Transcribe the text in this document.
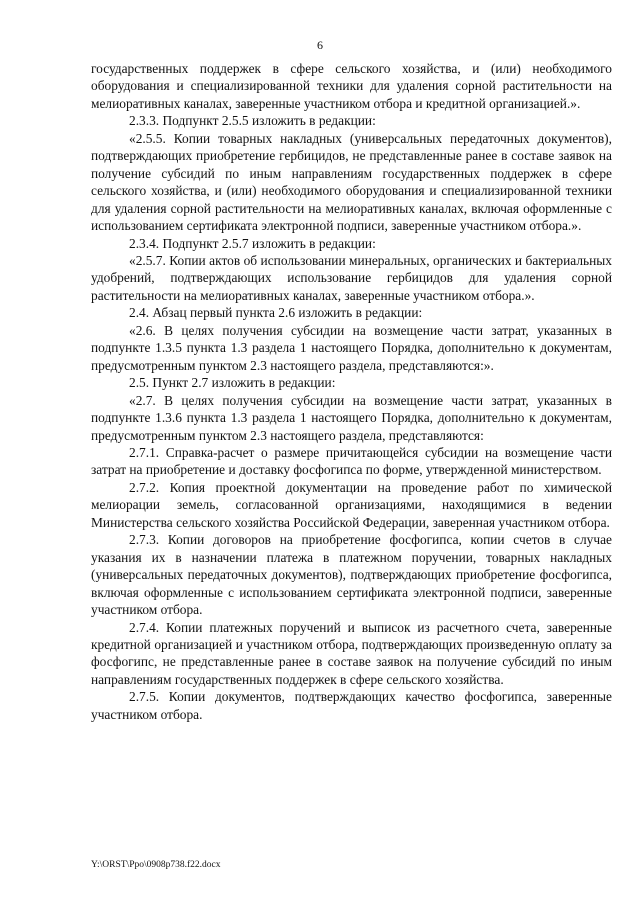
6

государственных поддержек в сфере сельского хозяйства, и (или) необходимого оборудования и специализированной техники для удаления сорной растительности на мелиоративных каналах, заверенные участником отбора и кредитной организацией.».

2.3.3. Подпункт 2.5.5 изложить в редакции:

«2.5.5. Копии товарных накладных (универсальных передаточных документов), подтверждающих приобретение гербицидов, не представленные ранее в составе заявок на получение субсидий по иным направлениям государственных поддержек в сфере сельского хозяйства, и (или) необходимого оборудования и специализированной техники для удаления сорной растительности на мелиоративных каналах, включая оформленные с использованием сертификата электронной подписи, заверенные участником отбора.».

2.3.4. Подпункт 2.5.7 изложить в редакции:

«2.5.7. Копии актов об использовании минеральных, органических и бактериальных удобрений, подтверждающих использование гербицидов для удаления сорной растительности на мелиоративных каналах, заверенные участником отбора.».

2.4. Абзац первый пункта 2.6 изложить в редакции:

«2.6. В целях получения субсидии на возмещение части затрат, указанных в подпункте 1.3.5 пункта 1.3 раздела 1 настоящего Порядка, дополнительно к документам, предусмотренным пунктом 2.3 настоящего раздела, представляются:».

2.5. Пункт 2.7 изложить в редакции:

«2.7. В целях получения субсидии на возмещение части затрат, указанных в подпункте 1.3.6 пункта 1.3 раздела 1 настоящего Порядка, дополнительно к документам, предусмотренным пунктом 2.3 настоящего раздела, представляются:

2.7.1. Справка-расчет о размере причитающейся субсидии на возмещение части затрат на приобретение и доставку фосфогипса по форме, утвержденной министерством.

2.7.2. Копия проектной документации на проведение работ по химической мелиорации земель, согласованной организациями, находящимися в ведении Министерства сельского хозяйства Российской Федерации, заверенная участником отбора.

2.7.3. Копии договоров на приобретение фосфогипса, копии счетов в случае указания их в назначении платежа в платежном поручении, товарных накладных (универсальных передаточных документов), подтверждающих приобретение фосфогипса, включая оформленные с использованием сертификата электронной подписи, заверенные участником отбора.

2.7.4. Копии платежных поручений и выписок из расчетного счета, заверенные кредитной организацией и участником отбора, подтверждающих произведенную оплату за фосфогипс, не представленные ранее в составе заявок на получение субсидий по иным направлениям государственных поддержек в сфере сельского хозяйства.

2.7.5. Копии документов, подтверждающих качество фосфогипса, заверенные участником отбора.

Y:\ORST\Ppo\0908p738.f22.docx
